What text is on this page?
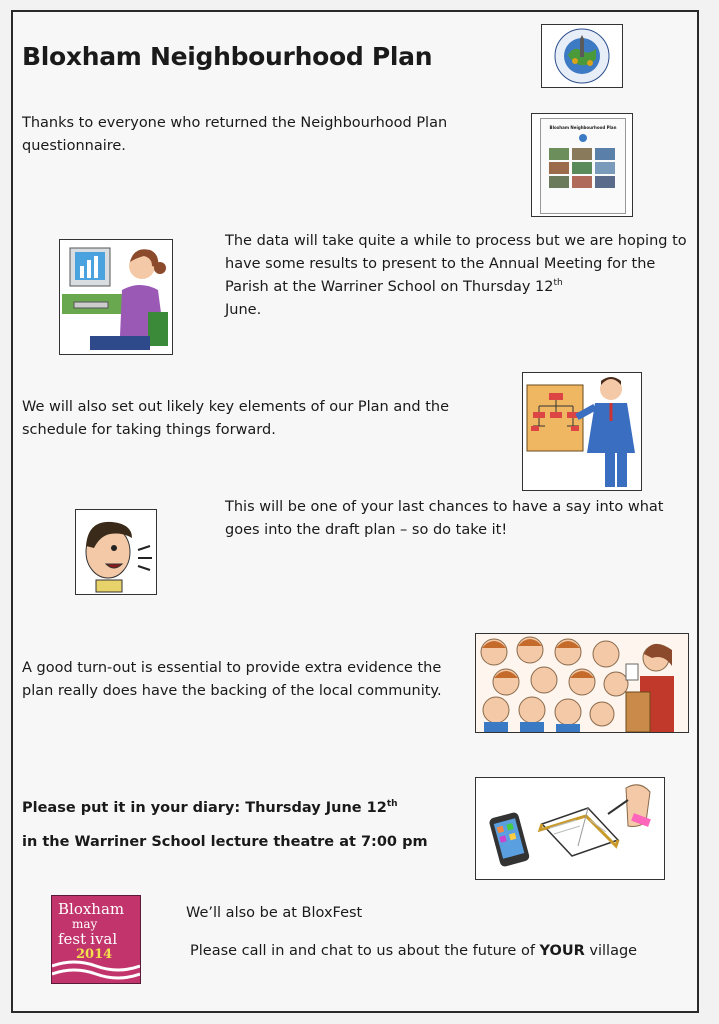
Bloxham Neighbourhood Plan
Thanks to everyone who returned the Neighbourhood Plan questionnaire.
Bloxham Neighbourhood Plan
The data will take quite a while to process but we are hoping to have some results to present to the Annual Meeting for the Parish at the Warriner School on Thursday 12th
June.
We will also set out likely key elements of our Plan and the schedule for taking things forward.
This will be one of your last chances to have a say into what goes into the draft plan – so do take it!
A good turn-out is essential to provide extra evidence the plan really does have the backing of the local community.
Please put it in your diary: Thursday June 12th
in the Warriner School lecture theatre at 7:00 pm
Bloxham
may
fest ival
2014
We’ll also be at BloxFest
Please call in and chat to us about the future of YOUR village
